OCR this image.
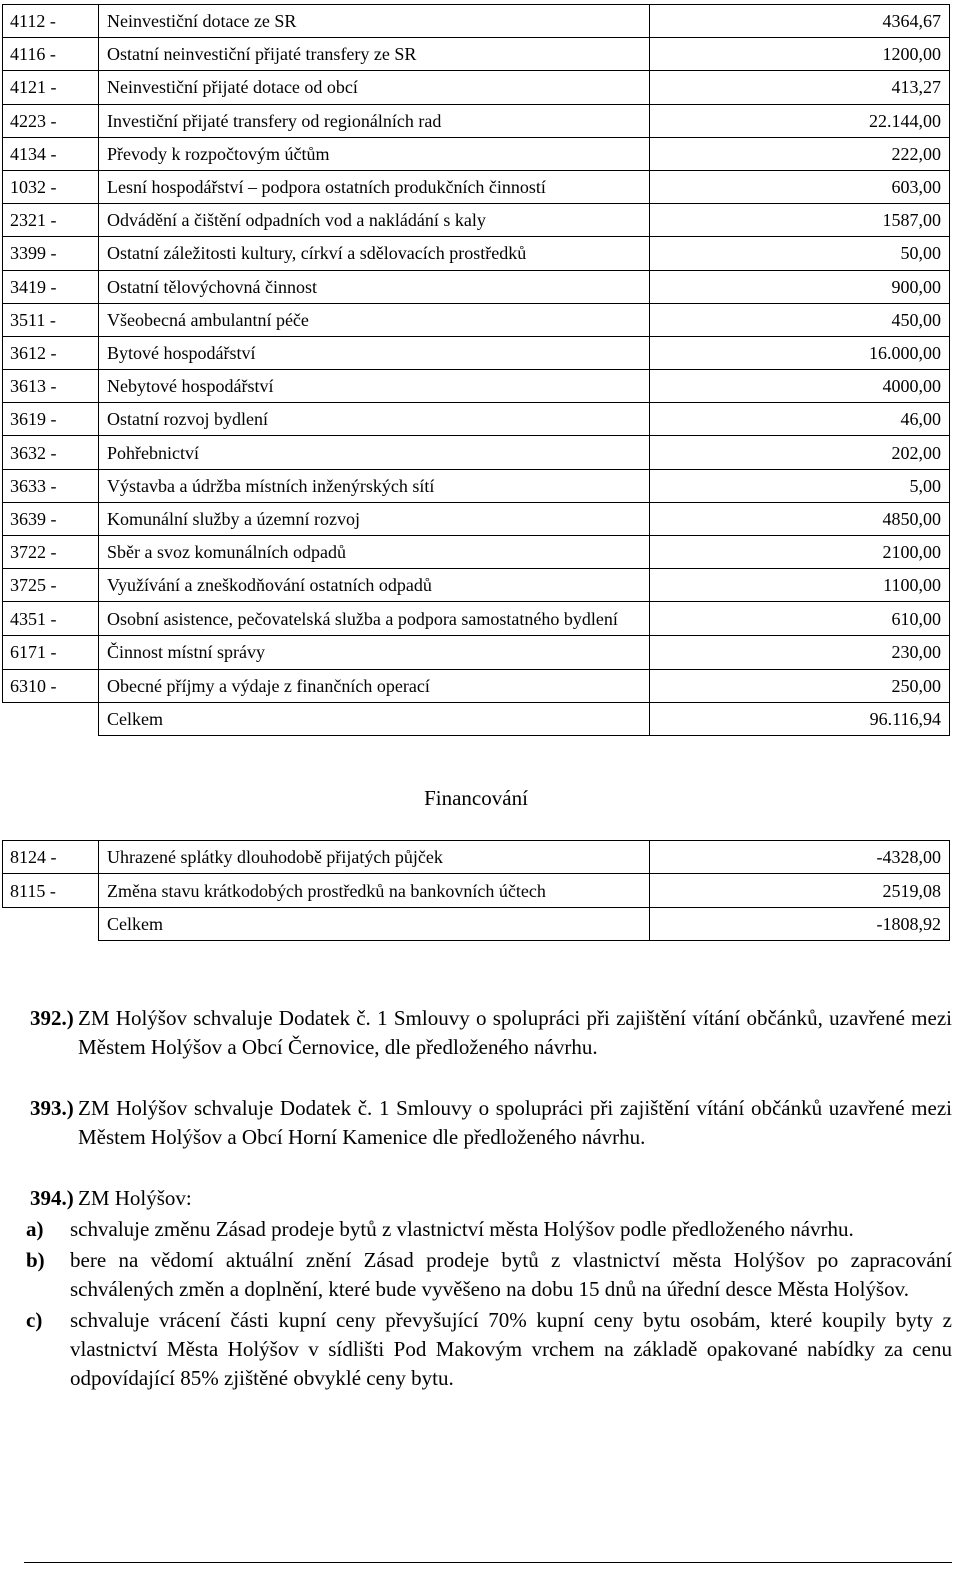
4112 -	Neinvestiční dotace ze SR	4364,67
4116 -	Ostatní neinvestiční přijaté transfery ze SR	1200,00
4121 -	Neinvestiční přijaté dotace od obcí	413,27
4223 -	Investiční přijaté transfery od regionálních rad	22.144,00
4134 -	Převody k rozpočtovým účtům	222,00
1032 -	Lesní hospodářství – podpora ostatních produkčních činností	603,00
2321 -	Odvádění a čištění odpadních vod a nakládání s kaly	1587,00
3399 -	Ostatní záležitosti kultury, církví a sdělovacích prostředků	50,00
3419 -	Ostatní tělovýchovná činnost	900,00
3511 -	Všeobecná ambulantní péče	450,00
3612 -	Bytové hospodářství	16.000,00
3613 -	Nebytové hospodářství	4000,00
3619 -	Ostatní rozvoj bydlení	46,00
3632 -	Pohřebnictví	202,00
3633 -	Výstavba a údržba místních inženýrských sítí	5,00
3639 -	Komunální služby a územní rozvoj	4850,00
3722 -	Sběr a svoz komunálních odpadů	2100,00
3725 -	Využívání a zneškodňování ostatních odpadů	1100,00
4351 -	Osobní asistence, pečovatelská služba a podpora samostatného bydlení	610,00
6171 -	Činnost místní správy	230,00
6310 -	Obecné příjmy a výdaje z finančních operací	250,00
	Celkem	96.116,94
Financování
8124 -	Uhrazené splátky dlouhodobě přijatých půjček	-4328,00
8115 -	Změna stavu krátkodobých prostředků na bankovních účtech	2519,08
	Celkem	-1808,92
392.) ZM Holýšov schvaluje Dodatek č. 1 Smlouvy o spolupráci při zajištění vítání občánků, uzavřené mezi Městem Holýšov a Obcí Černovice, dle předloženého návrhu.
393.) ZM Holýšov schvaluje Dodatek č. 1 Smlouvy o spolupráci při zajištění vítání občánků uzavřené mezi Městem Holýšov a Obcí Horní Kamenice dle předloženého návrhu.
394.) ZM Holýšov:
a) schvaluje změnu Zásad prodeje bytů z vlastnictví města Holýšov podle předloženého návrhu.
b) bere na vědomí aktuální znění Zásad prodeje bytů z vlastnictví města Holýšov po zapracování schválených změn a doplnění, které bude vyvěšeno na dobu 15 dnů na úřední desce Města Holýšov.
c) schvaluje vrácení části kupní ceny převyšující 70% kupní ceny bytu osobám, které koupily byty z vlastnictví Města Holýšov v sídlišti Pod Makovým vrchem na základě opakované nabídky za cenu odpovídající 85% zjištěné obvyklé ceny bytu.
